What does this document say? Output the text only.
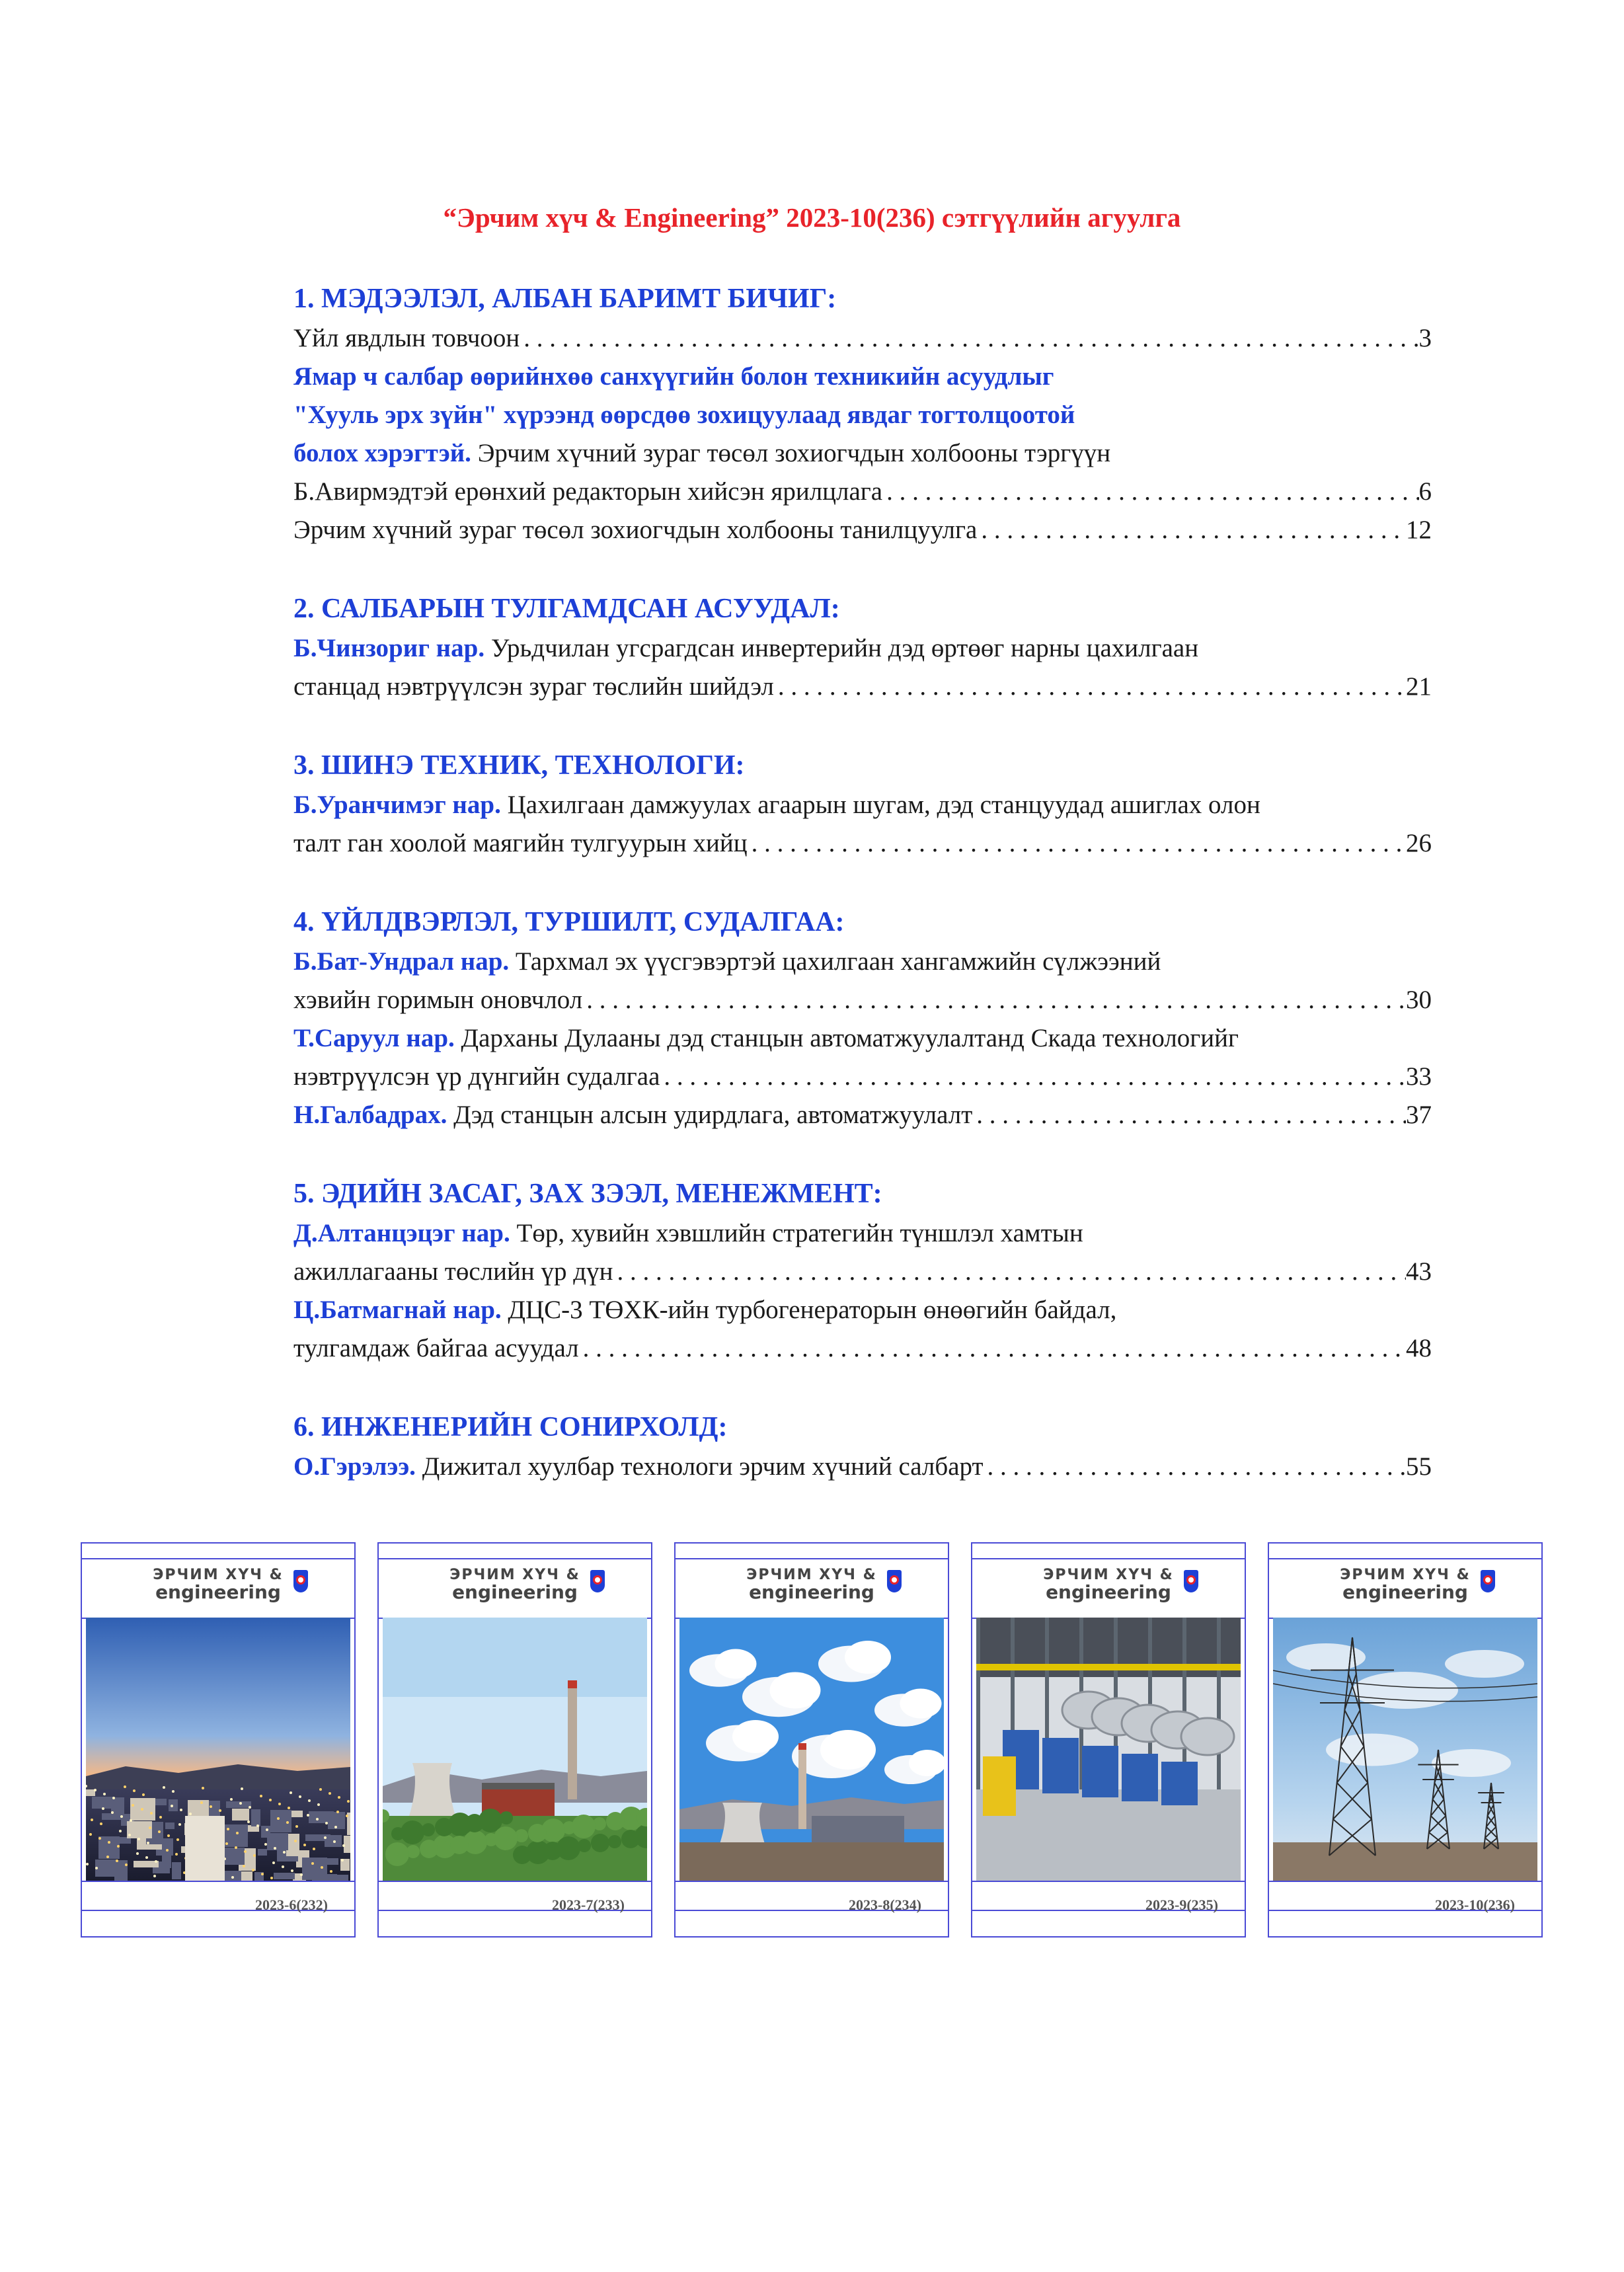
“Эрчим хүч & Engineering” 2023-10(236) сэтгүүлийн агуулга
1. МЭДЭЭЛЭЛ, АЛБАН БАРИМТ БИЧИГ:
Үйл явдлын товчоон . . .	3
Ямар ч салбар өөрийнхөө санхүүгийн болон техникийн асуудлыг
"Хууль эрх зүйн" хүрээнд өөрсдөө зохицуулаад явдаг тогтолцоотой
болох хэрэгтэй. Эрчим хүчний зураг төсөл зохиогчдын холбооны тэргүүн
Б.Авирмэдтэй ерөнхий редакторын хийсэн ярилцлага . . .	6
Эрчим хүчний зураг төсөл зохиогчдын холбооны танилцуулга . . .	12
2. САЛБАРЫН ТУЛГАМДСАН АСУУДАЛ:
Б.Чинзориг нар. Урьдчилан угсрагдсан инвертерийн дэд өртөөг нарны цахилгаан
станцад нэвтрүүлсэн зураг төслийн шийдэл . . .	21
3. ШИНЭ ТЕХНИК, ТЕХНОЛОГИ:
Б.Уранчимэг нар. Цахилгаан дамжуулах агаарын шугам, дэд станцуудад ашиглах олон
талт ган хоолой маягийн тулгуурын хийц . . .	26
4. ҮЙЛДВЭРЛЭЛ, ТУРШИЛТ, СУДАЛГАА:
Б.Бат-Ундрал нар. Тархмал эх үүсгэвэртэй цахилгаан хангамжийн сүлжээний
хэвийн горимын оновчлол . . .	30
Т.Саруул нар. Дарханы Дулааны дэд станцын автоматжуулалтанд Скада технологийг
нэвтрүүлсэн үр дүнгийн судалгаа . . .	33
Н.Галбадрах. Дэд станцын алсын удирдлага, автоматжуулалт . . .	37
5. ЭДИЙН ЗАСАГ, ЗАХ ЗЭЭЛ, МЕНЕЖМЕНТ:
Д.Алтанцэцэг нар. Төр, хувийн хэвшлийн стратегийн түншлэл хамтын
ажиллагааны төслийн үр дүн . . .	43
Ц.Батмагнай нар. ДЦС-3 ТӨХК-ийн турбогенераторын өнөөгийн байдал,
тулгамдаж байгаа асуудал . . .	48
6. ИНЖЕНЕРИЙН СОНИРХОЛД:
О.Гэрэлээ. Дижитал хуулбар технологи эрчим хүчний салбарт . . .	55
ЭРЧИМ ХҮЧ &
engineering
2023-6(232)
ЭРЧИМ ХҮЧ &
engineering
2023-7(233)
ЭРЧИМ ХҮЧ &
engineering
2023-8(234)
ЭРЧИМ ХҮЧ &
engineering
2023-9(235)
ЭРЧИМ ХҮЧ &
engineering
2023-10(236)
